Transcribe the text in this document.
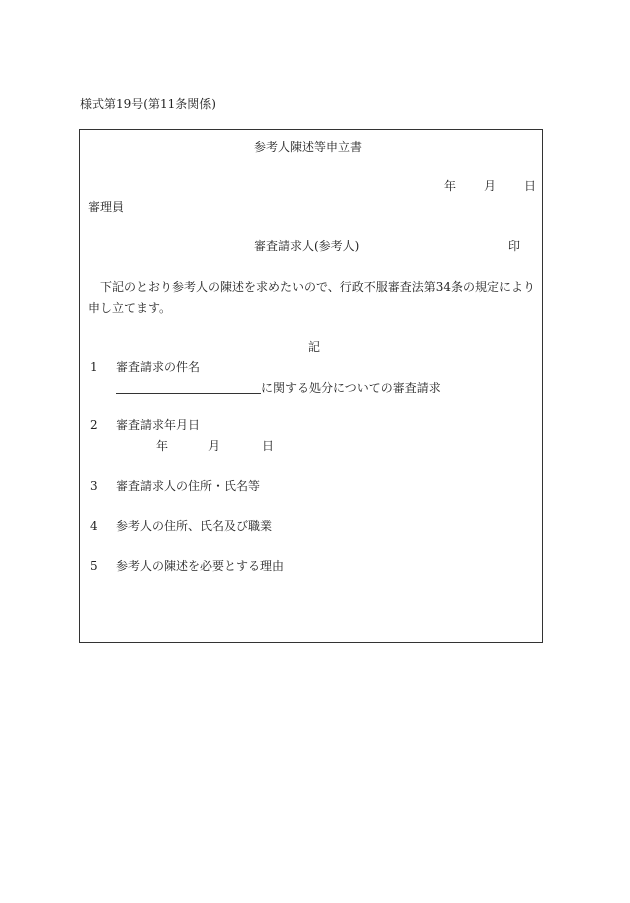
様式第19号(第11条関係)
参考人陳述等申立書
年 月 日
審理員
審査請求人(参考人)	印
下記のとおり参考人の陳述を求めたいので、行政不服審査法第34条の規定により申し立てます。
記
1 審査請求の件名
に関する処分についての審査請求
2 審査請求年月日
年	月	日
3 審査請求人の住所・氏名等
4 参考人の住所、氏名及び職業
5 参考人の陳述を必要とする理由
